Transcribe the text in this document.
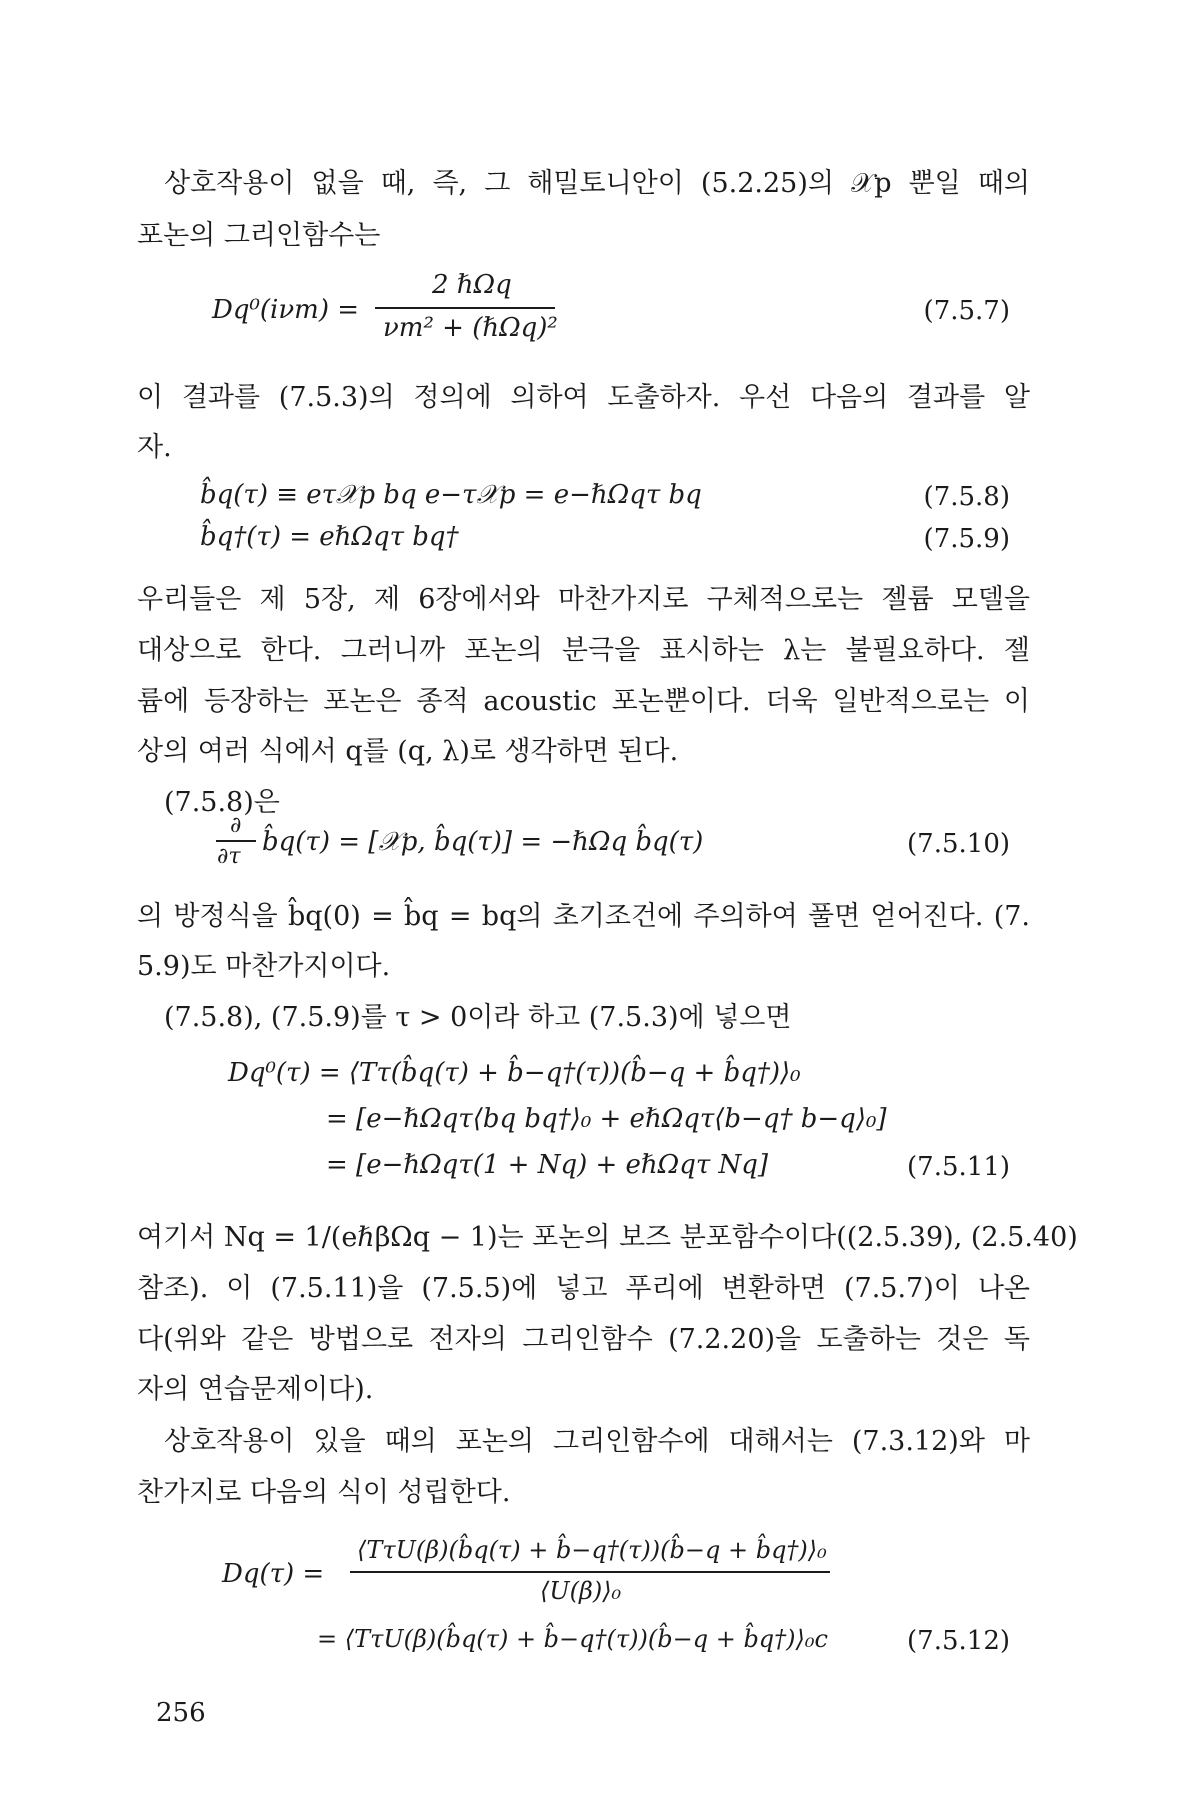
상호작용이 없을 때, 즉, 그 해밀토니안이 (5.2.25)의 𝒳p 뿐일 때의
포논의 그리인함수는
Dq⁰(iνm) =
2 ℏΩq
νm² + (ℏΩq)²
(7.5.7)
이 결과를 (7.5.3)의 정의에 의하여 도출하자. 우선 다음의 결과를 알
자.
b̂q(τ) ≡ eτ𝒳p bq e−τ𝒳p = e−ℏΩqτ bq	(7.5.8)
b̂q†(τ) = eℏΩqτ bq†	(7.5.9)
우리들은 제 5장, 제 6장에서와 마찬가지로 구체적으로는 젤륨 모델을
대상으로 한다. 그러니까 포논의 분극을 표시하는 λ는 불필요하다. 젤
륨에 등장하는 포논은 종적 acoustic 포논뿐이다. 더욱 일반적으로는 이
상의 여러 식에서 q를 (q, λ)로 생각하면 된다.
(7.5.8)은
∂
∂τ b̂q(τ) = [𝒳p, b̂q(τ)] = −ℏΩq b̂q(τ)	(7.5.10)
의 방정식을 b̂q(0) = b̂q = bq의 초기조건에 주의하여 풀면 얻어진다. (7.
5.9)도 마찬가지이다.
(7.5.8), (7.5.9)를 τ > 0이라 하고 (7.5.3)에 넣으면
Dq⁰(τ) = ⟨Tτ(b̂q(τ) + b̂−q†(τ))(b̂−q + b̂q†)⟩₀
= [e−ℏΩqτ⟨bq bq†⟩₀ + eℏΩqτ⟨b−q† b−q⟩₀]
= [e−ℏΩqτ(1 + Nq) + eℏΩqτ Nq]	(7.5.11)
여기서 Nq = 1/(eℏβΩq − 1)는 포논의 보즈 분포함수이다((2.5.39), (2.5.40)
참조). 이 (7.5.11)을 (7.5.5)에 넣고 푸리에 변환하면 (7.5.7)이 나온
다(위와 같은 방법으로 전자의 그리인함수 (7.2.20)을 도출하는 것은 독
자의 연습문제이다).
상호작용이 있을 때의 포논의 그리인함수에 대해서는 (7.3.12)와 마
찬가지로 다음의 식이 성립한다.
Dq(τ) =
⟨TτU(β)(b̂q(τ) + b̂−q†(τ))(b̂−q + b̂q†)⟩₀
⟨U(β)⟩₀
= ⟨TτU(β)(b̂q(τ) + b̂−q†(τ))(b̂−q + b̂q†)⟩₀c	(7.5.12)
256
